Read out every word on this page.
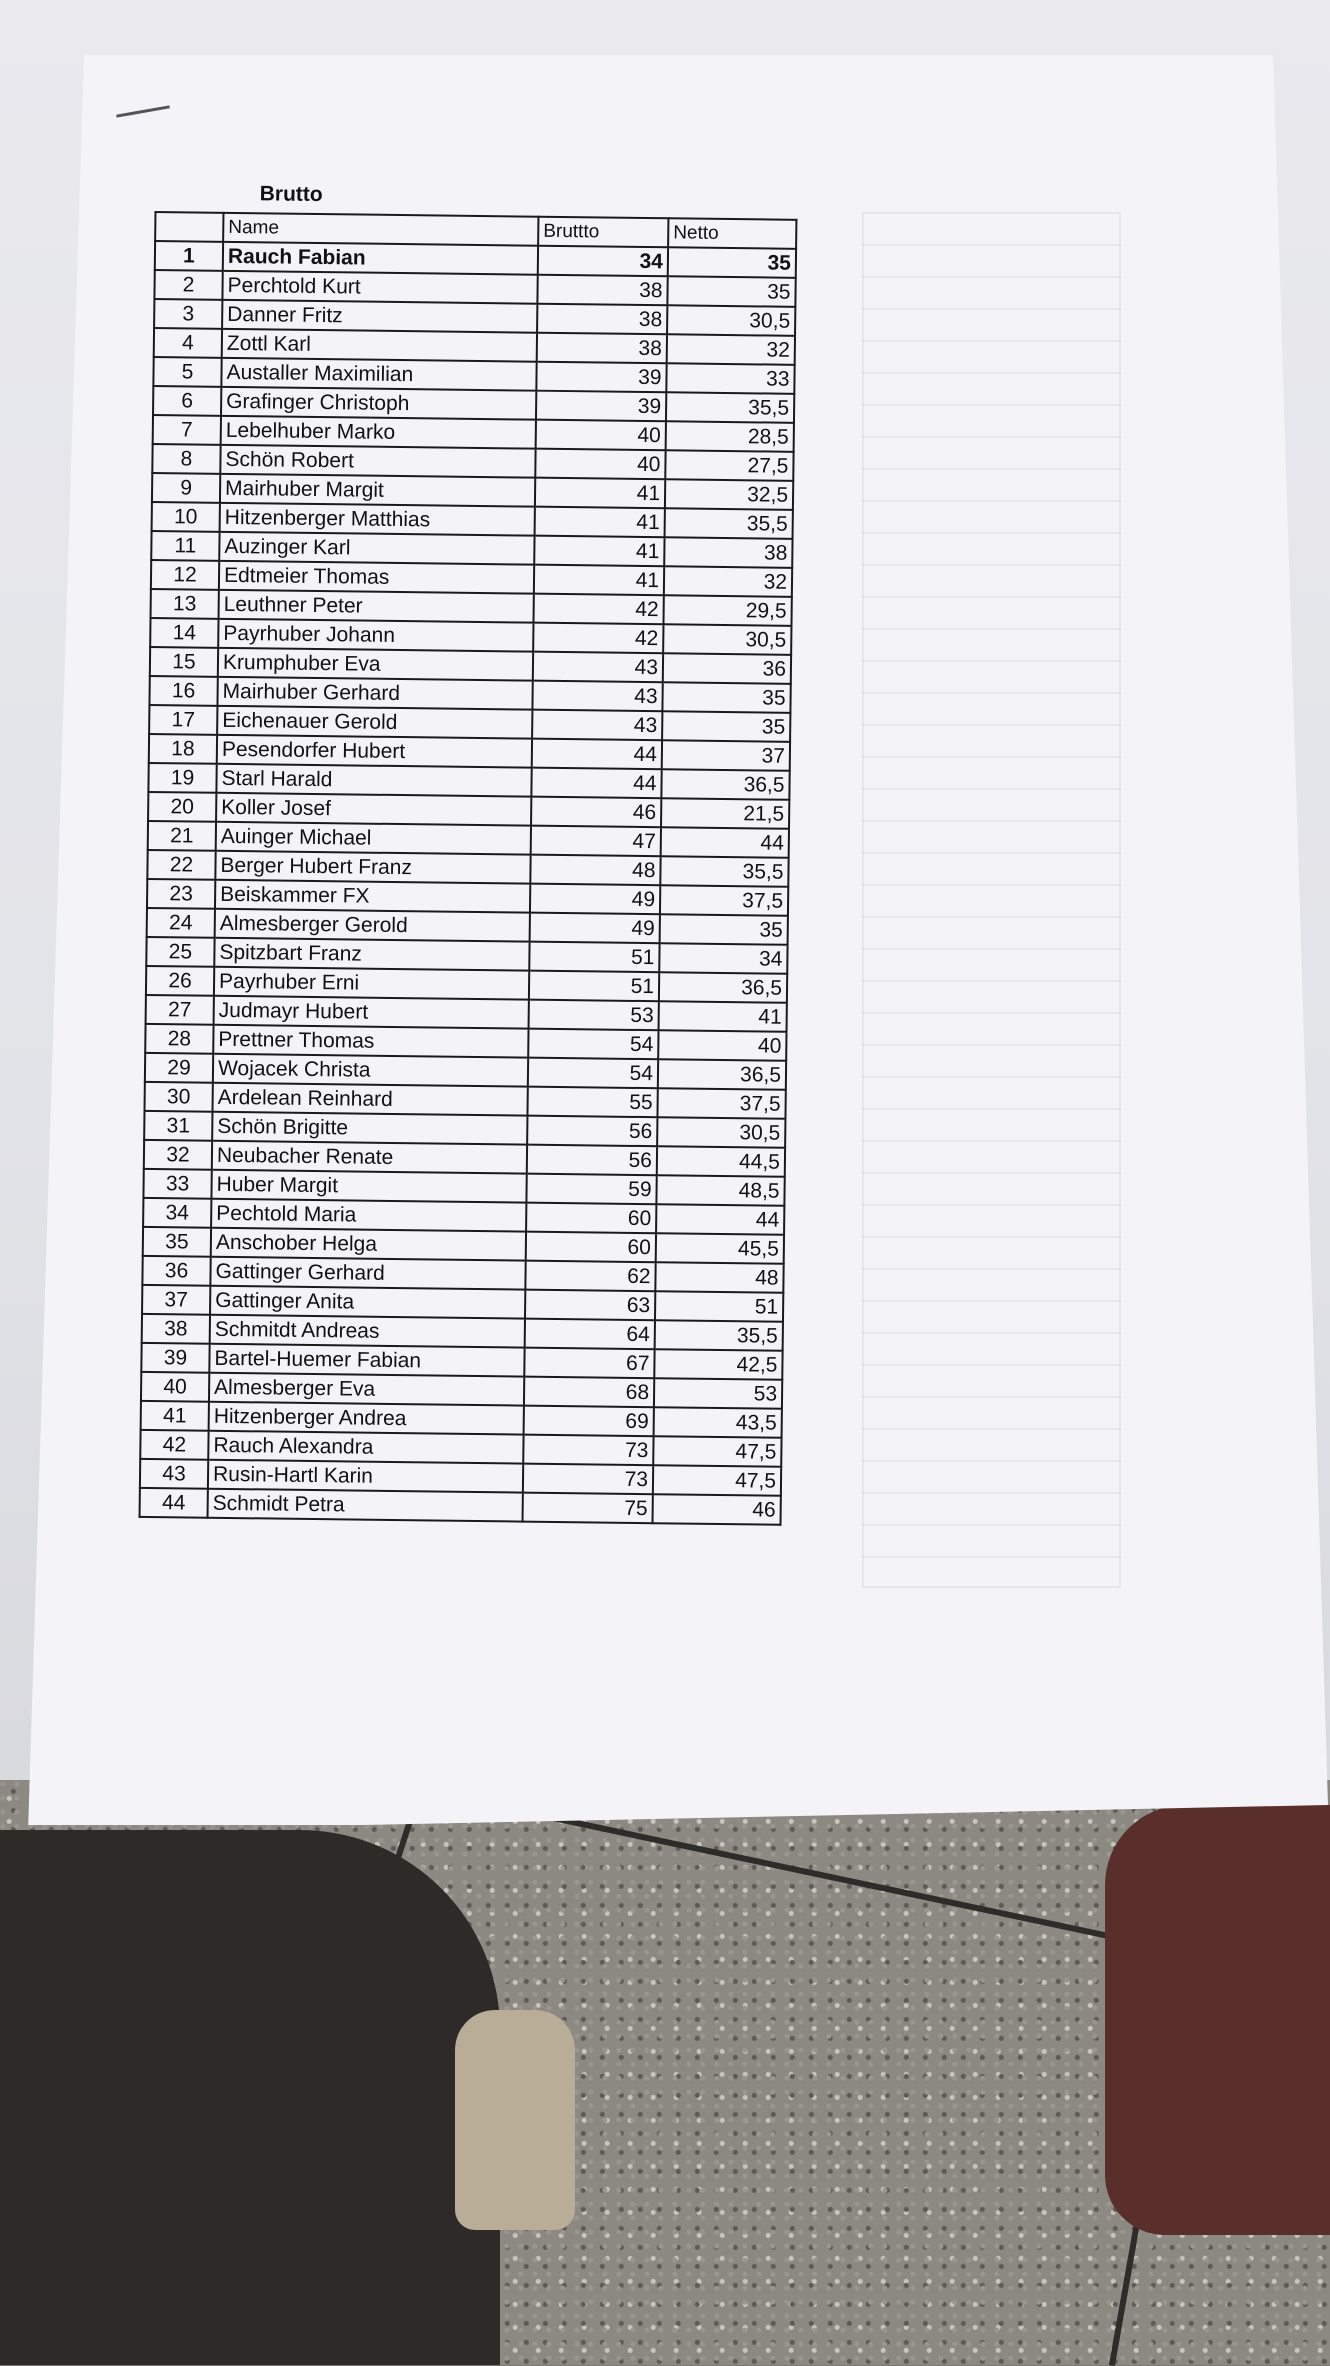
Brutto
	Name	Bruttto	Netto
1	Rauch Fabian	34	35
2	Perchtold Kurt	38	35
3	Danner Fritz	38	30,5
4	Zottl Karl	38	32
5	Austaller Maximilian	39	33
6	Grafinger Christoph	39	35,5
7	Lebelhuber Marko	40	28,5
8	Schön Robert	40	27,5
9	Mairhuber Margit	41	32,5
10	Hitzenberger Matthias	41	35,5
11	Auzinger Karl	41	38
12	Edtmeier Thomas	41	32
13	Leuthner Peter	42	29,5
14	Payrhuber Johann	42	30,5
15	Krumphuber Eva	43	36
16	Mairhuber Gerhard	43	35
17	Eichenauer Gerold	43	35
18	Pesendorfer Hubert	44	37
19	Starl Harald	44	36,5
20	Koller Josef	46	21,5
21	Auinger Michael	47	44
22	Berger Hubert Franz	48	35,5
23	Beiskammer FX	49	37,5
24	Almesberger Gerold	49	35
25	Spitzbart Franz	51	34
26	Payrhuber Erni	51	36,5
27	Judmayr Hubert	53	41
28	Prettner Thomas	54	40
29	Wojacek Christa	54	36,5
30	Ardelean Reinhard	55	37,5
31	Schön Brigitte	56	30,5
32	Neubacher Renate	56	44,5
33	Huber Margit	59	48,5
34	Pechtold Maria	60	44
35	Anschober Helga	60	45,5
36	Gattinger Gerhard	62	48
37	Gattinger Anita	63	51
38	Schmitdt Andreas	64	35,5
39	Bartel-Huemer Fabian	67	42,5
40	Almesberger Eva	68	53
41	Hitzenberger Andrea	69	43,5
42	Rauch Alexandra	73	47,5
43	Rusin-Hartl Karin	73	47,5
44	Schmidt Petra	75	46
